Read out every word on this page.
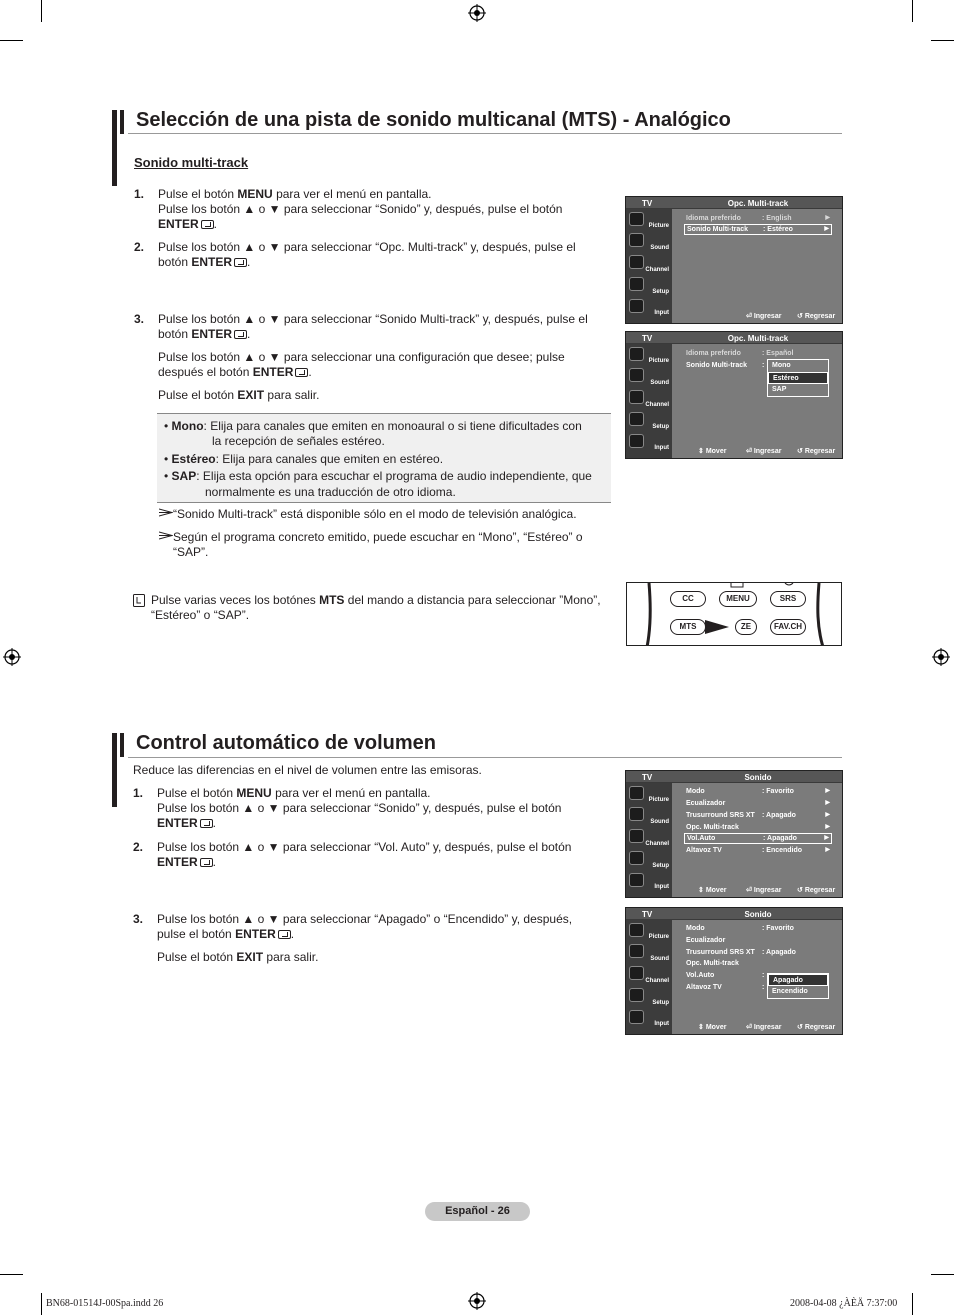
Selección de una pista de sonido multicanal (MTS) - Analógico
Sonido multi-track
1. Pulse el botón MENU para ver el menú en pantalla.
Pulse los botón ▲ o ▼ para seleccionar “Sonido” y, después, pulse el botón
ENTER .
2. Pulse los botón ▲ o ▼ para seleccionar “Opc. Multi-track” y, después, pulse el
botón ENTER .
3. Pulse los botón ▲ o ▼ para seleccionar “Sonido Multi-track” y, después, pulse el
botón ENTER .
Pulse los botón ▲ o ▼ para seleccionar una configuración que desee; pulse
después el botón ENTER .
Pulse el botón EXIT para salir.
• Mono: Elija para canales que emiten en monoaural o si tiene dificultades con
la recepción de señales estéreo.
• Estéreo: Elija para canales que emiten en estéreo.
• SAP: Elija esta opción para escuchar el programa de audio independiente, que
normalmente es una traducción de otro idioma.
“Sonido Multi-track” está disponible sólo en el modo de televisión analógica.
Según el programa concreto emitido, puede escuchar en “Mono”, “Estéreo” o
“SAP”.
Pulse varias veces los botónes MTS del mando a distancia para seleccionar ”Mono”,
“Estéreo” o “SAP”.
TV	Opc. Multi-track
Picture
Sound
Channel
Setup
Input
Idioma preferido	: English	▶
Sonido Multi-track : Estéreo	▶
⏎ Ingresar ↺ Regresar
TV	Opc. Multi-track
Picture
Sound
Channel
Setup
Input
Idioma preferido	: Español
Sonido Multi-track :	Mono
Estéreo
SAP
⇕ Mover	⏎ Ingresar ↺ Regresar
CC	MENU	SRS
MTS	ZE	FAV.CH
Control automático de volumen
Reduce las diferencias en el nivel de volumen entre las emisoras.
1. Pulse el botón MENU para ver el menú en pantalla.
Pulse los botón ▲ o ▼ para seleccionar “Sonido” y, después, pulse el botón
ENTER .
2. Pulse los botón ▲ o ▼ para seleccionar “Vol. Auto” y, después, pulse el botón
ENTER .
3. Pulse los botón ▲ o ▼ para seleccionar “Apagado” o “Encendido” y, después,
pulse el botón ENTER .
Pulse el botón EXIT para salir.
TV	Sonido
Picture
Sound
Channel
Setup
Input
Modo	: Favorito	▶
Ecualizador	▶
Trusurround SRS XT : Apagado	▶
Opc. Multi-track	▶
Vol.Auto	: Apagado	▶
Altavoz TV	: Encendido	▶
⇕ Mover	⏎ Ingresar ↺ Regresar
TV	Sonido
Picture
Sound
Channel
Setup
Input
Modo	: Favorito
Ecualizador
Trusurround SRS XT : Apagado
Opc. Multi-track
Vol.Auto	:
Altavoz TV	:
Apagado
Encendido
⇕ Mover	⏎ Ingresar ↺ Regresar
Español - 26
BN68-01514J-00Spa.indd 26	2008-04-08 ¿ÀÈÄ 7:37:00
